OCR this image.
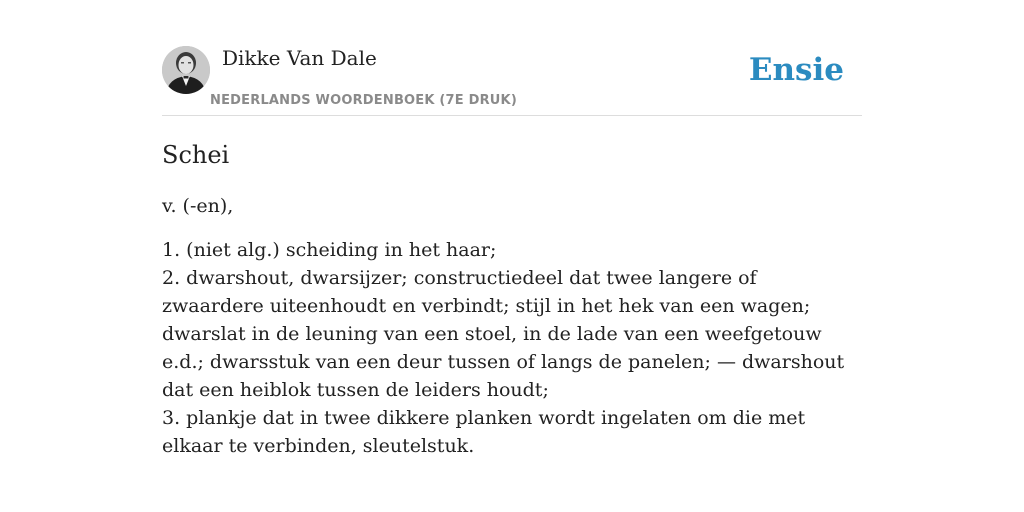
Dikke Van Dale
NEDERLANDS WOORDENBOEK (7E DRUK)
Ensie
Schei

v. (-en),

1. (niet alg.) scheiding in het haar;
2. dwarshout, dwarsijzer; constructiedeel dat twee langere of zwaardere uiteenhoudt en verbindt; stijl in het hek van een wagen; dwarslat in de leuning van een stoel, in de lade van een weefgetouw e.d.; dwarsstuk van een deur tussen of langs de panelen; — dwarshout dat een heiblok tussen de leiders houdt;
3. plankje dat in twee dikkere planken wordt ingelaten om die met elkaar te verbinden, sleutelstuk.
